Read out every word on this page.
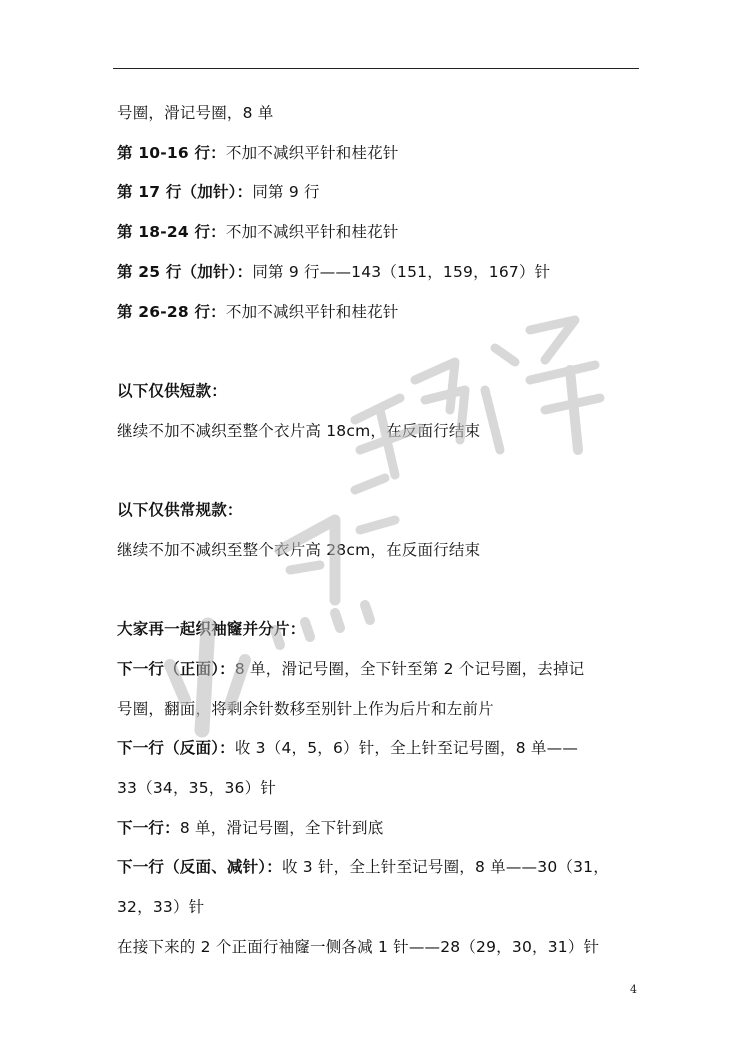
号圈，滑记号圈，8 单
第 10-16 行：不加不减织平针和桂花针
第 17 行（加针）：同第 9 行
第 18-24 行：不加不减织平针和桂花针
第 25 行（加针）：同第 9 行——143（151，159，167）针
第 26-28 行：不加不减织平针和桂花针
以下仅供短款：
继续不加不减织至整个衣片高 18cm，在反面行结束
以下仅供常规款：
继续不加不减织至整个衣片高 28cm，在反面行结束
大家再一起织袖窿并分片：
下一行（正面）：8 单，滑记号圈，全下针至第 2 个记号圈，去掉记
号圈，翻面，将剩余针数移至别针上作为后片和左前片
下一行（反面）：收 3（4，5，6）针，全上针至记号圈，8 单——
33（34，35，36）针
下一行：8 单，滑记号圈，全下针到底
下一行（反面、减针）：收 3 针，全上针至记号圈，8 单——30（31，
32，33）针
在接下来的 2 个正面行袖窿一侧各减 1 针——28（29，30，31）针
4
